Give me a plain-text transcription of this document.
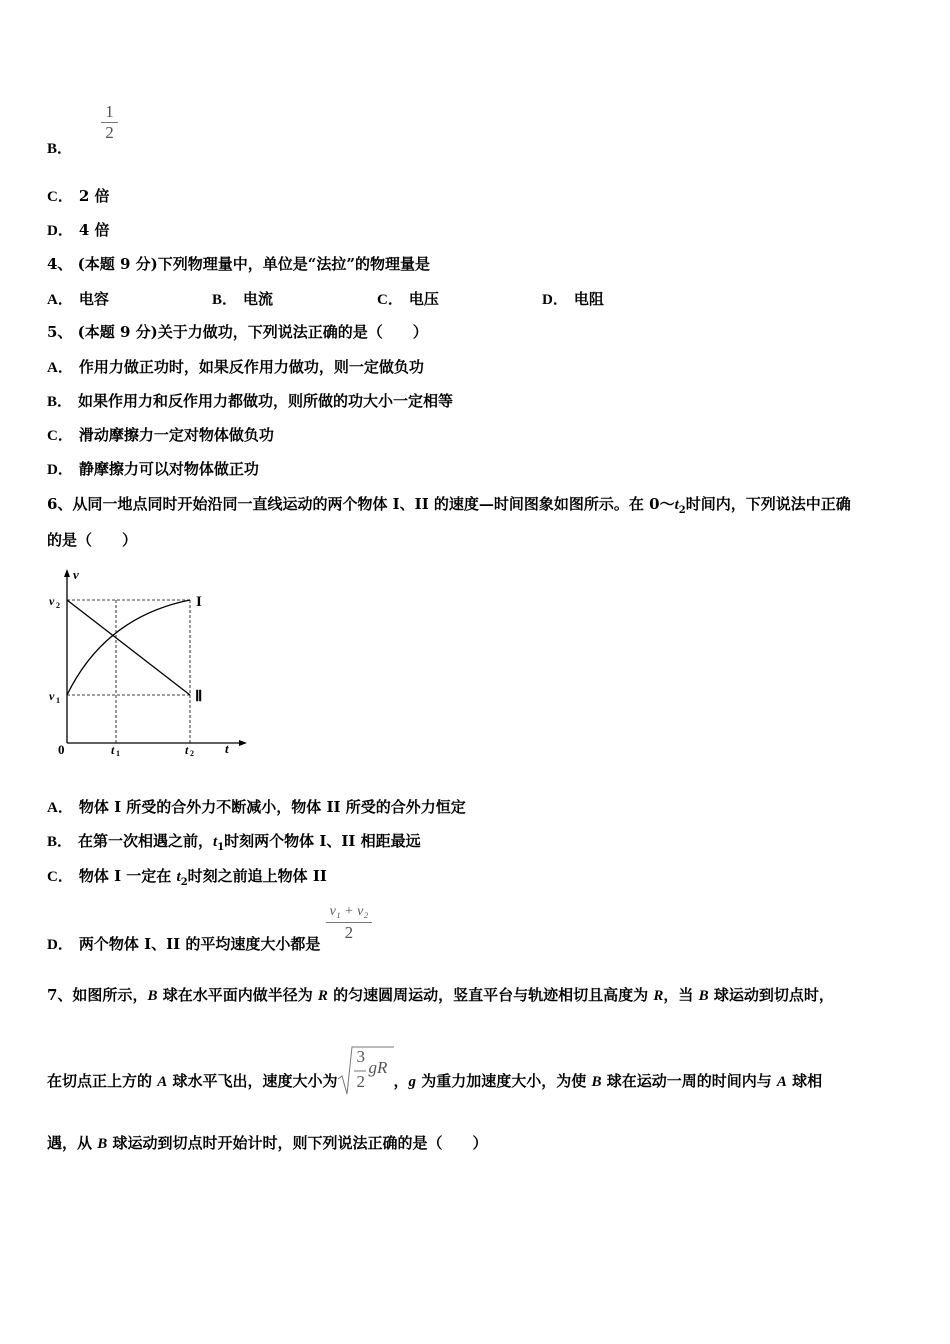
B．
$\frac{1}{2}$
C． 2 倍
D． 4 倍
4、 (本题 9 分)下列物理量中，单位是“法拉”的物理量是
A． 电容	B． 电流	C． 电压	D． 电阻
5、 (本题 9 分)关于力做功，下列说法正确的是（　　）
A． 作用力做正功时，如果反作用力做功，则一定做负功
B． 如果作用力和反作用力都做功，则所做的功大小一定相等
C． 滑动摩擦力一定对物体做负功
D． 静摩擦力可以对物体做正功
6、从同一地点同时开始沿同一直线运动的两个物体 I、II 的速度—时间图象如图所示。在 $0\sim t_2$时间内，下列说法中正确
的是（　　）
v
t
0
v 2
v 1
t 1	t 2
I
Ⅱ
A． 物体 I 所受的合外力不断减小，物体 II 所受的合外力恒定
B． 在第一次相遇之前，$t_1$时刻两个物体 I、II 相距最远
C． 物体 I 一定在 $t_2$时刻之前追上物体 II
D． 两个物体 I、II 的平均速度大小都是
$\frac{\text{v₁ + v₂}}{2}$
7、如图所示，B 球在水平面内做半径为 R 的匀速圆周运动，竖直平台与轨迹相切且高度为 R，当 B 球运动到切点时，
在切点正上方的 A 球水平飞出，速度大小为
3
2
gR
，g 为重力加速度大小，为使 B 球在运动一周的时间内与 A 球相
遇，从 B 球运动到切点时开始计时，则下列说法正确的是（　　）
